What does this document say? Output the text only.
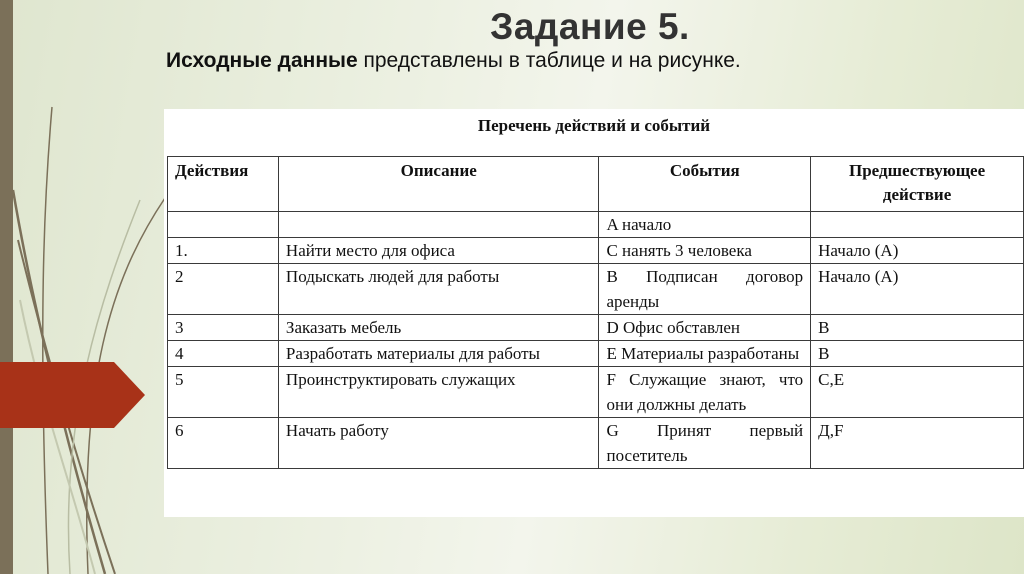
Задание 5.
Исходные данные представлены в таблице и на рисунке.
Перечень действий и событий
Действия	Описание	События	Предшествующее действие
		A начало	
1.	Найти место для офиса	C нанять 3 человека	Начало (A)
2	Подыскать людей для работы	B Подписан договор аренды	Начало (A)
3	Заказать мебель	D Офис обставлен	B
4	Разработать материалы для работы	E Материалы разработаны	B
5	Проинструктировать служащих	F Служащие знают, что они должны делать	C,E
6	Начать работу	G Принят первый посетитель	Д,F
